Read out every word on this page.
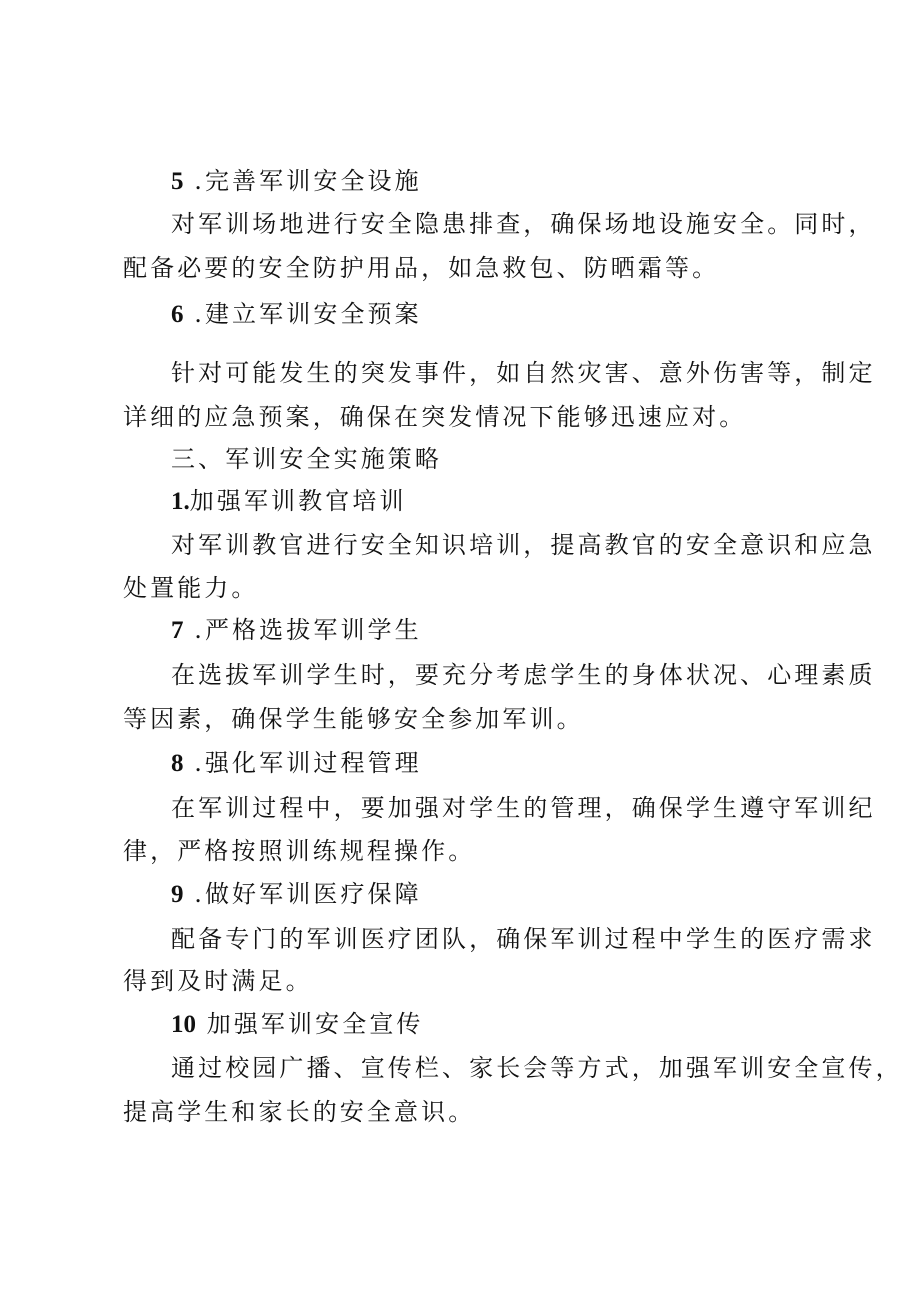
5 .完善军训安全设施
对军训场地进行安全隐患排查，确保场地设施安全。同时，
配备必要的安全防护用品，如急救包、防晒霜等。
6 .建立军训安全预案
针对可能发生的突发事件，如自然灾害、意外伤害等，制定
详细的应急预案，确保在突发情况下能够迅速应对。
三、军训安全实施策略
1.加强军训教官培训
对军训教官进行安全知识培训，提高教官的安全意识和应急
处置能力。
7 .严格选拔军训学生
在选拔军训学生时，要充分考虑学生的身体状况、心理素质
等因素，确保学生能够安全参加军训。
8 .强化军训过程管理
在军训过程中，要加强对学生的管理，确保学生遵守军训纪
律，严格按照训练规程操作。
9 .做好军训医疗保障
配备专门的军训医疗团队，确保军训过程中学生的医疗需求
得到及时满足。
10 加强军训安全宣传
通过校园广播、宣传栏、家长会等方式，加强军训安全宣传，
提高学生和家长的安全意识。
